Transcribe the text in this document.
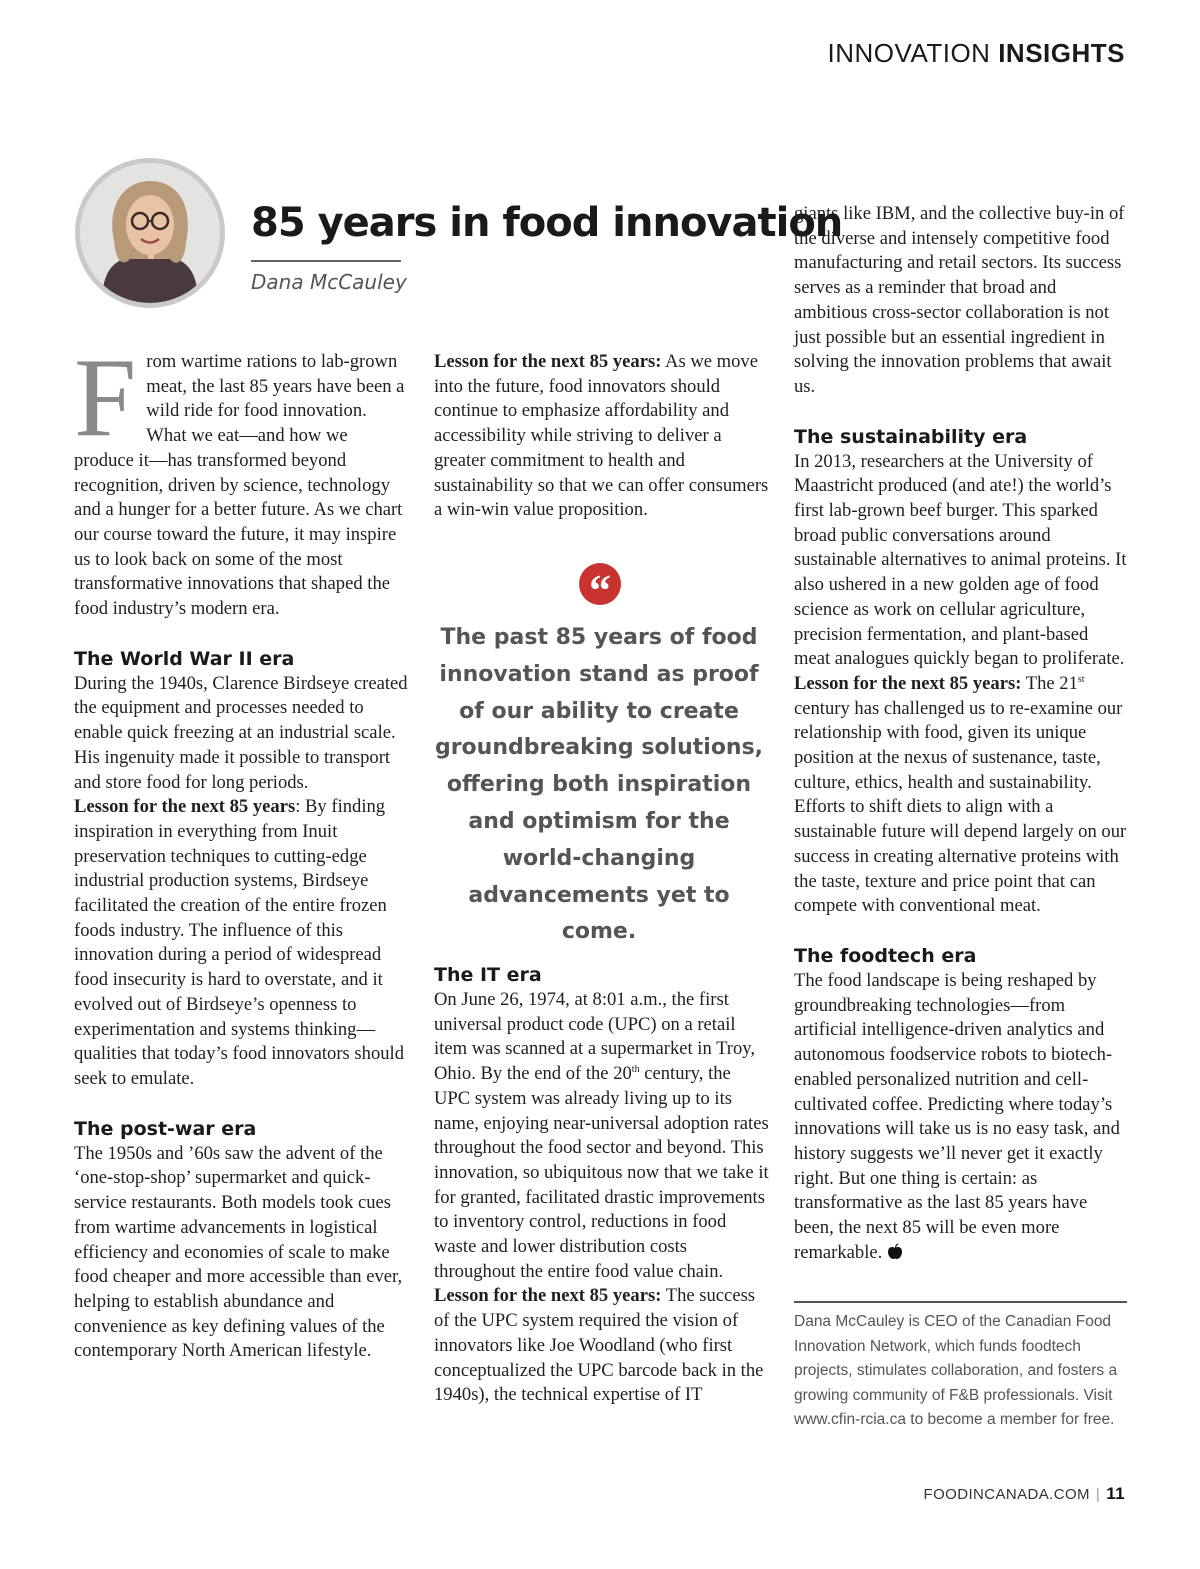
INNOVATION INSIGHTS
85 years in food innovation
Dana McCauley

From wartime rations to lab-grown meat, the last 85 years have been a wild ride for food innovation. What we eat—and how we produce it—has transformed beyond recognition, driven by science, technology and a hunger for a better future. As we chart our course toward the future, it may inspire us to look back on some of the most transformative innovations that shaped the food industry’s modern era.

The World War II era

During the 1940s, Clarence Birdseye created the equipment and processes needed to enable quick freezing at an industrial scale. His ingenuity made it possible to transport and store food for long periods.

Lesson for the next 85 years: By finding inspiration in everything from Inuit preservation techniques to cutting-edge industrial production systems, Birdseye facilitated the creation of the entire frozen foods industry. The influence of this innovation during a period of widespread food insecurity is hard to overstate, and it evolved out of Birdseye’s openness to experimentation and systems thinking—qualities that today’s food innovators should seek to emulate.

The post-war era

The 1950s and ’60s saw the advent of the ‘one-stop-shop’ supermarket and quick-service restaurants. Both models took cues from wartime advancements in logistical efficiency and economies of scale to make food cheaper and more accessible than ever, helping to establish abundance and convenience as key defining values of the contemporary North American lifestyle.

Lesson for the next 85 years: As we move into the future, food innovators should continue to emphasize affordability and accessibility while striving to deliver a greater commitment to health and sustainability so that we can offer consumers a win-win value proposition.

“

The past 85 years of food innovation stand as proof of our ability to create groundbreaking solutions, offering both inspiration and optimism for the world-changing advancements yet to come.

The IT era

On June 26, 1974, at 8:01 a.m., the first universal product code (UPC) on a retail item was scanned at a supermarket in Troy, Ohio. By the end of the 20th century, the UPC system was already living up to its name, enjoying near-universal adoption rates throughout the food sector and beyond. This innovation, so ubiquitous now that we take it for granted, facilitated drastic improvements to inventory control, reductions in food waste and lower distribution costs throughout the entire food value chain.

Lesson for the next 85 years: The success of the UPC system required the vision of innovators like Joe Woodland (who first conceptualized the UPC barcode back in the 1940s), the technical expertise of IT

giants like IBM, and the collective buy-in of the diverse and intensely competitive food manufacturing and retail sectors. Its success serves as a reminder that broad and ambitious cross-sector collaboration is not just possible but an essential ingredient in solving the innovation problems that await us.

The sustainability era

In 2013, researchers at the University of Maastricht produced (and ate!) the world’s first lab-grown beef burger. This sparked broad public conversations around sustainable alternatives to animal proteins. It also ushered in a new golden age of food science as work on cellular agriculture, precision fermentation, and plant-based meat analogues quickly began to proliferate.

Lesson for the next 85 years: The 21st century has challenged us to re-examine our relationship with food, given its unique position at the nexus of sustenance, taste, culture, ethics, health and sustainability. Efforts to shift diets to align with a sustainable future will depend largely on our success in creating alternative proteins with the taste, texture and price point that can compete with conventional meat.

The foodtech era

The food landscape is being reshaped by groundbreaking technologies—from artificial intelligence-driven analytics and autonomous foodservice robots to biotech-enabled personalized nutrition and cell-cultivated coffee. Predicting where today’s innovations will take us is no easy task, and history suggests we’ll never get it exactly right. But one thing is certain: as transformative as the last 85 years have been, the next 85 will be even more remarkable.

Dana McCauley is CEO of the Canadian Food Innovation Network, which funds foodtech projects, stimulates collaboration, and fosters a growing community of F&B professionals. Visit www.cfin-rcia.ca to become a member for free.

FOODINCANADA.COM | 11
